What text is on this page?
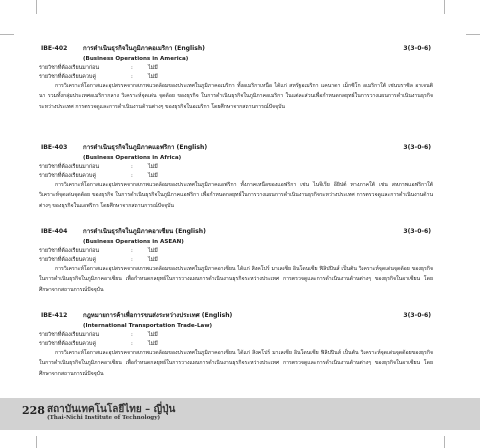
IBE-402	การดำเนินธุรกิจในภูมิภาคอเมริกา (English)	3(3-0-6)
(Business Operations in America)
รายวิชาที่ต้องเรียนมาก่อน	:	ไม่มี
รายวิชาที่ต้องเรียนควบคู่	:	ไม่มี
การวิเคราะห์โอกาสและอุปสรรคจากสภาพแวดล้อมของประเทศในภูมิภาคอเมริกา ทั้งอเมริกาเหนือ ได้แก่ สหรัฐอเมริกา แคนาดา เม็กซิโก อเมริกาใต้ เช่นบราซิล อาเจนตินา รวมทั้งกลุ่มประเทศอเมริกากลาง วิเคราะห์จุดเด่น จุดด้อย ของธุรกิจ ในการดำเนินธุรกิจในภูมิภาคอเมริกา ในแต่ละส่วนเพื่อกำหนดกลยุทธ์ในการวางแผนการดำเนินงานธุรกิจระหว่างประเทศ การตรวจดูและการดำเนินงานด้านต่างๆ ของธุรกิจในอเมริกา โดยศึกษาจากสถานการณ์ปัจจุบัน
IBE-403	การดำเนินธุรกิจในภูมิภาคแอฟริกา (English)	3(3-0-6)
(Business Operations in Africa)
รายวิชาที่ต้องเรียนมาก่อน	:	ไม่มี
รายวิชาที่ต้องเรียนควบคู่	:	ไม่มี
การวิเคราะห์โอกาสและอุปสรรคจากสภาพแวดล้อมของประเทศในภูมิภาคแอฟริกา ทั้งภาคเหนือของแอฟริกา เช่น ไนจีเรีย อียิปต์ ทางภาคใต้ เช่น สหภาพแอฟริกาใต้ วิเคราะห์จุดเด่นจุดด้อย ของธุรกิจ ในการดำเนินธุรกิจในภูมิภาคแอฟริกา เพื่อกำหนดกลยุทธ์ในการวางแผนการดำเนินงานธุรกิจระหว่างประเทศ การตรวจดูและการดำเนินงานด้านต่างๆ ของธุรกิจในแอฟริกา โดยศึกษาจากสถานการณ์ปัจจุบัน
IBE-404	การดำเนินธุรกิจในภูมิภาคอาเซียน (English)	3(3-0-6)
(Business Operations in ASEAN)
รายวิชาที่ต้องเรียนมาก่อน	:	ไม่มี
รายวิชาที่ต้องเรียนควบคู่	:	ไม่มี
การวิเคราะห์โอกาสและอุปสรรคจากสภาพแวดล้อมของประเทศในภูมิภาคอาเซียน ได้แก่ สิงคโปร์ มาเลเซีย อินโดนเซีย ฟิลิปปินส์ เป็นต้น วิเคราะห์จุดเด่นจุดด้อย ของธุรกิจ ในการดำเนินธุรกิจในภูมิภาคอาเซียน เพื่อกำหนดกลยุทธ์ในการวางแผนการดำเนินงานธุรกิจระหว่างประเทศ การตรวจดูและการดำเนินงานด้านต่างๆ ของธุรกิจในอาเซียน โดยศึกษาจากสถานการณ์ปัจจุบัน
IBE-412	กฎหมายการค้าเพื่อการขนส่งระหว่างประเทศ (English)	3(3-0-6)
(International Transportation Trade-Law)
รายวิชาที่ต้องเรียนมาก่อน	:	ไม่มี
รายวิชาที่ต้องเรียนควบคู่	:	ไม่มี
การวิเคราะห์โอกาสและอุปสรรคจากสภาพแวดล้อมของประเทศในภูมิภาคอาเซียน ได้แก่ สิงคโปร์ มาเลเซีย อินโดนเซีย ฟิลิปปินส์ เป็นต้น วิเคราะห์จุดเด่นจุดด้อยของธุรกิจ ในการดำเนินธุรกิจในภูมิภาคอาเซียน เพื่อกำหนดกลยุทธ์ในการวางแผนการดำเนินงานธุรกิจระหว่างประเทศ การตรวจดูและการดำเนินงานด้านต่างๆ ของธุรกิจในอาเซียน โดยศึกษาจากสถานการณ์ปัจจุบัน
228 สถาบันเทคโนโลยีไทย – ญี่ปุ่น
(Thai-Nichi Institute of Technology)
